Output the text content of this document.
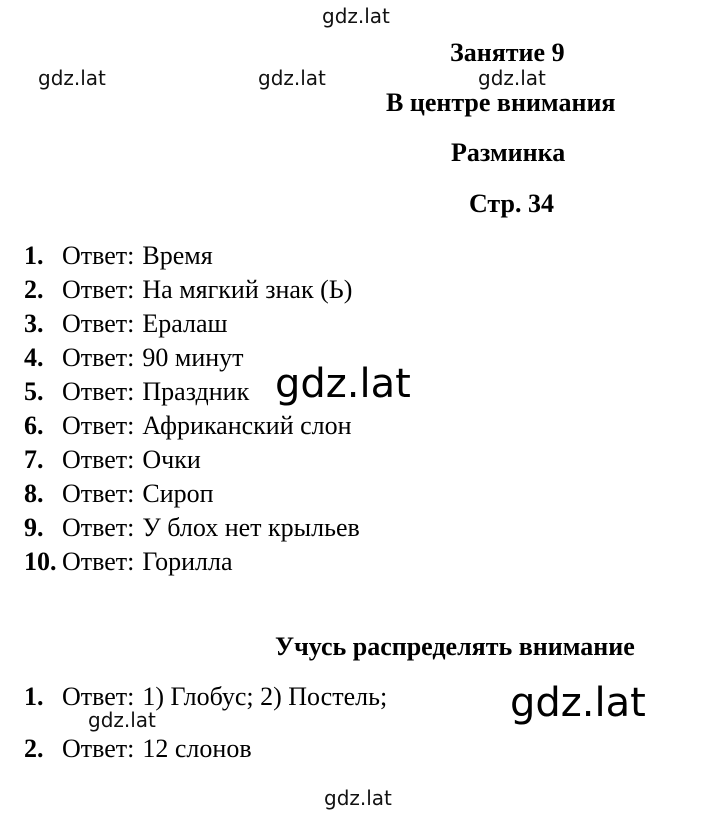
gdz.lat
gdz.lat	gdz.lat	gdz.lat
gdz.lat
gdz.lat
gdz.lat
gdz.lat
Занятие 9
В центре внимания
Разминка
Стр. 34
1. Ответ: Время
2. Ответ: На мягкий знак (Ь)
3. Ответ: Ералаш
4. Ответ: 90 минут
5. Ответ: Праздник
6. Ответ: Африканский слон
7. Ответ: Очки
8. Ответ: Сироп
9. Ответ: У блох нет крыльев
10. Ответ: Горилла
Учусь распределять внимание
1. Ответ: 1) Глобус; 2) Постель;
2. Ответ: 12 слонов
